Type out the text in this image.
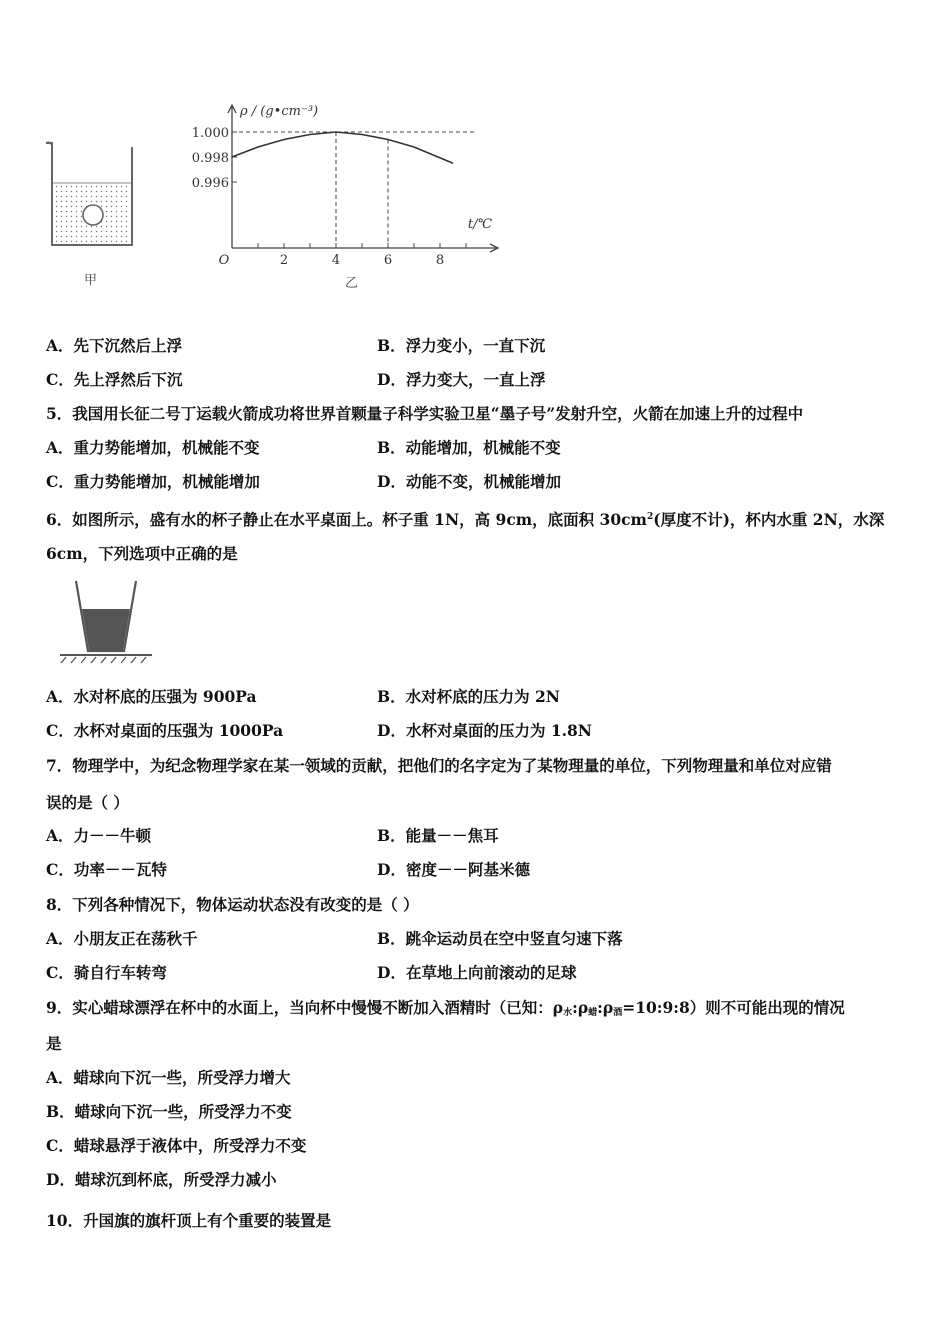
甲
2	4	6	8
O
1.000
0.998
0.996
ρ / (g•cm⁻³)
t/℃
乙
A．先下沉然后上浮	B．浮力变小，一直下沉
C．先上浮然后下沉	D．浮力变大，一直上浮
5．我国用长征二号丁运载火箭成功将世界首颗量子科学实验卫星“墨子号”发射升空，火箭在加速上升的过程中
A．重力势能增加，机械能不变	B．动能增加，机械能不变
C．重力势能增加，机械能增加	D．动能不变，机械能增加
6．如图所示，盛有水的杯子静止在水平桌面上。杯子重 1N，高 9cm，底面积 $30cm^2$(厚度不计)，杯内水重 2N，水深
6cm，下列选项中正确的是
A．水对杯底的压强为 900Pa	B．水对杯底的压力为 2N
C．水杯对桌面的压强为 1000Pa	D．水杯对桌面的压力为 1.8N
7．物理学中，为纪念物理学家在某一领域的贡献，把他们的名字定为了某物理量的单位，下列物理量和单位对应错
误的是（ ）
A．力－－牛顿	B．能量－－焦耳
C．功率－－瓦特	D．密度－－阿基米德
8．下列各种情况下，物体运动状态没有改变的是（ ）
A．小朋友正在荡秋千	B．跳伞运动员在空中竖直匀速下落
C．骑自行车转弯	D．在草地上向前滚动的足球
9．实心蜡球漂浮在杯中的水面上，当向杯中慢慢不断加入酒精时（已知：$\rho_水:\rho_蜡:\rho_酒=10:9:8$）则不可能出现的情况
是
A．蜡球向下沉一些，所受浮力增大
B．蜡球向下沉一些，所受浮力不变
C．蜡球悬浮于液体中，所受浮力不变
D．蜡球沉到杯底，所受浮力减小
10．升国旗的旗杆顶上有个重要的装置是
